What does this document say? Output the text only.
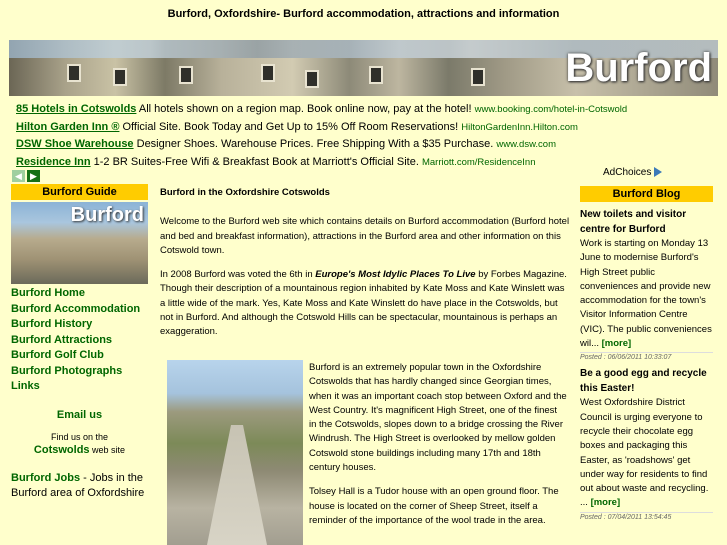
Burford, Oxfordshire- Burford accommodation, attractions and information
Burford
85 Hotels in Cotswolds All hotels shown on a region map. Book online now, pay at the hotel! www.booking.com/hotel-in-Cotswold
Hilton Garden Inn ® Official Site. Book Today and Get Up to 15% Off Room Reservations! HiltonGardenInn.Hilton.com
DSW Shoe Warehouse Designer Shoes. Warehouse Prices. Free Shipping With a $35 Purchase. www.dsw.com
Residence Inn 1-2 BR Suites-Free Wifi & Breakfast Book at Marriott's Official Site. Marriott.com/ResidenceInn
◀ ▶	AdChoices
Burford Guide
Burford
Burford Home
Burford Accommodation
Burford History
Burford Attractions
Burford Golf Club
Burford Photographs
Links
Email us
Find us on the
Cotswolds web site
Burford Jobs - Jobs in the Burford area of Oxfordshire
Burford in the Oxfordshire Cotswolds

Welcome to the Burford web site which contains details on Burford accommodation (Burford hotel and bed and breakfast information), attractions in the Burford area and other information on this Cotswold town.

In 2008 Burford was voted the 6th in Europe's Most Idylic Places To Live by Forbes Magazine. Though their description of a mountainous region inhabited by Kate Moss and Kate Winslett was a little wide of the mark. Yes, Kate Moss and Kate Winslett do have place in the Cotswolds, but not in Burford. And although the Cotswold Hills can be spectacular, mountainous is perhaps an exaggeration.

Burford is an extremely popular town in the Oxfordshire Cotswolds that has hardly changed since Georgian times, when it was an important coach stop between Oxford and the West Country. It's magnificent High Street, one of the finest in the Cotswolds, slopes down to a bridge crossing the River Windrush. The High Street is overlooked by mellow golden Cotswold stone buildings including many 17th and 18th century houses.

Tolsey Hall is a Tudor house with an open ground floor. The house is located on the corner of Sheep Street, itself a reminder of the importance of the wool trade in the area.

Burford Blog
New toilets and visitor centre for Burford
Work is starting on Monday 13 June to modernise Burford's High Street public conveniences and provide new accommodation for the town's Visitor Information Centre (VIC). The public conveniences wil... [more]
Posted : 06/06/2011 10:33:07
Be a good egg and recycle this Easter!
West Oxfordshire District Council is urging everyone to recycle their chocolate egg boxes and packaging this Easter, as 'roadshows' get under way for residents to find out about waste and recycling. ... [more]
Posted : 07/04/2011 13:54:45
